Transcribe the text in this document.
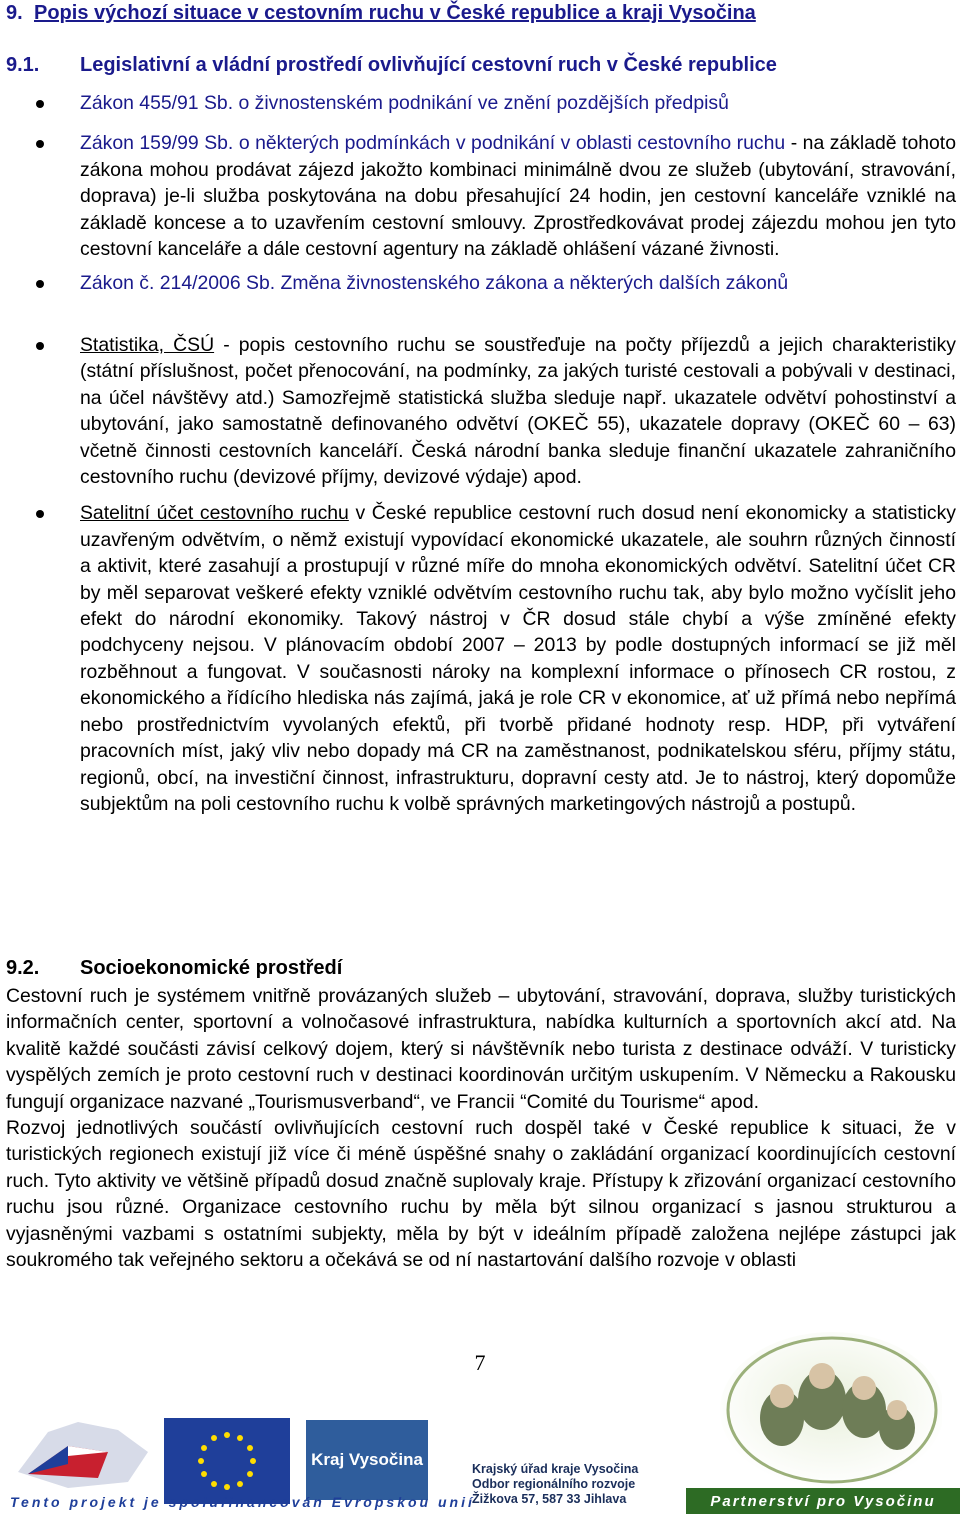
9. Popis výchozí situace v cestovním ruchu v České republice a kraji Vysočina
9.1. Legislativní a vládní prostředí ovlivňující cestovní ruch v České republice
Zákon 455/91 Sb. o živnostenském podnikání ve znění pozdějších předpisů
Zákon 159/99 Sb. o některých podmínkách v podnikání v oblasti cestovního ruchu - na základě tohoto zákona mohou prodávat zájezd jakožto kombinaci minimálně dvou ze služeb (ubytování, stravování, doprava) je-li služba poskytována na dobu přesahující 24 hodin, jen cestovní kanceláře vzniklé na základě koncese a to uzavřením cestovní smlouvy. Zprostředkovávat prodej zájezdu mohou jen tyto cestovní kanceláře a dále cestovní agentury na základě ohlášení vázané živnosti.
Zákon č. 214/2006 Sb. Změna živnostenského zákona a některých dalších zákonů
Statistika, ČSÚ - popis cestovního ruchu se soustřeďuje na počty příjezdů a jejich charakteristiky (státní příslušnost, počet přenocování, na podmínky, za jakých turisté cestovali a pobývali v destinaci, na účel návštěvy atd.) Samozřejmě statistická služba sleduje např. ukazatele odvětví pohostinství a ubytování, jako samostatně definovaného odvětví (OKEČ 55), ukazatele dopravy (OKEČ 60 – 63) včetně činnosti cestovních kanceláří. Česká národní banka sleduje finanční ukazatele zahraničního cestovního ruchu (devizové příjmy, devizové výdaje) apod.
Satelitní účet cestovního ruchu v České republice cestovní ruch dosud není ekonomicky a statisticky uzavřeným odvětvím, o němž existují vypovídací ekonomické ukazatele, ale souhrn různých činností a aktivit, které zasahují a prostupují v různé míře do mnoha ekonomických odvětví. Satelitní účet CR by měl separovat veškeré efekty vzniklé odvětvím cestovního ruchu tak, aby bylo možno vyčíslit jeho efekt do národní ekonomiky. Takový nástroj v ČR dosud stále chybí a výše zmíněné efekty podchyceny nejsou. V plánovacím období 2007 – 2013 by podle dostupných informací se již měl rozběhnout a fungovat. V současnosti nároky na komplexní informace o přínosech CR rostou, z ekonomického a řídícího hlediska nás zajímá, jaká je role CR v ekonomice, ať už přímá nebo nepřímá nebo prostřednictvím vyvolaných efektů, při tvorbě přidané hodnoty resp. HDP, při vytváření pracovních míst, jaký vliv nebo dopady má CR na zaměstnanost, podnikatelskou sféru, příjmy státu, regionů, obcí, na investiční činnost, infrastrukturu, dopravní cesty atd. Je to nástroj, který dopomůže subjektům na poli cestovního ruchu k volbě správných marketingových nástrojů a postupů.
9.2. Socioekonomické prostředí

Cestovní ruch je systémem vnitřně provázaných služeb – ubytování, stravování, doprava, služby turistických informačních center, sportovní a volnočasové infrastruktura, nabídka kulturních a sportovních akcí atd. Na kvalitě každé součásti závisí celkový dojem, který si návštěvník nebo turista z destinace odváží. V turisticky vyspělých zemích je proto cestovní ruch v destinaci koordinován určitým uskupením. V Německu a Rakousku fungují organizace nazvané „Tourismusverband“, ve Francii “Comité du Tourisme“ apod.

Rozvoj jednotlivých součástí ovlivňujících cestovní ruch dospěl také v České republice k situaci, že v turistických regionech existují již více či méně úspěšné snahy o zakládání organizací koordinujících cestovní ruch. Tyto aktivity ve většině případů dosud značně suplovaly kraje. Přístupy k zřizování organizací cestovního ruchu jsou různé. Organizace cestovního ruchu by měla být silnou organizací s jasnou strukturou a vyjasněnými vazbami s ostatními subjekty, měla by být v ideálním případě založena nejlépe zástupci jak soukromého tak veřejného sektoru a očekává se od ní nastartování dalšího rozvoje v oblasti

7
Kraj Vysočina
Tento projekt je spolufinancován Evropskou unií
Krajský úřad kraje Vysočina
Odbor regionálního rozvoje
Žižkova 57, 587 33 Jihlava	Partnerství pro Vysočinu
